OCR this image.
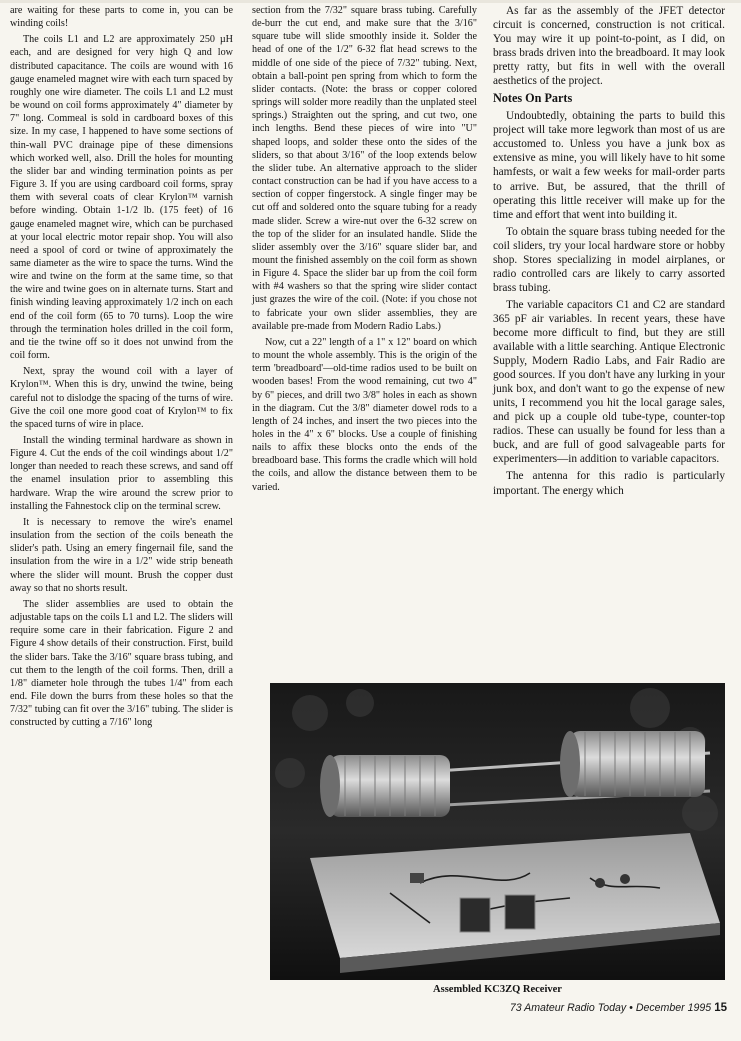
are waiting for these parts to come in, you can be winding coils!

The coils L1 and L2 are approximately 250 µH each, and are designed for very high Q and low distributed capacitance. The coils are wound with 16 gauge enameled magnet wire with each turn spaced by roughly one wire diameter. The coils L1 and L2 must be wound on coil forms approximately 4" diameter by 7" long. Commeal is sold in cardboard boxes of this size. In my case, I happened to have some sections of thin-wall PVC drainage pipe of these dimensions which worked well, also. Drill the holes for mounting the slider bar and winding termination points as per Figure 3. If you are using cardboard coil forms, spray them with several coats of clear Krylon™ varnish before winding. Obtain 1-1/2 lb. (175 feet) of 16 gauge enameled magnet wire, which can be purchased at your local electric motor repair shop. You will also need a spool of cord or twine of approximately the same diameter as the wire to space the turns. Wind the wire and twine on the form at the same time, so that the wire and twine goes on in alternate turns. Start and finish winding leaving approximately 1/2 inch on each end of the coil form (65 to 70 turns). Loop the wire through the termination holes drilled in the coil form, and tie the twine off so it does not unwind from the coil form.

Next, spray the wound coil with a layer of Krylon™. When this is dry, unwind the twine, being careful not to dislodge the spacing of the turns of wire. Give the coil one more good coat of Krylon™ to fix the spaced turns of wire in place.

Install the winding terminal hardware as shown in Figure 4. Cut the ends of the coil windings about 1/2" longer than needed to reach these screws, and sand off the enamel insulation prior to assembling this hardware. Wrap the wire around the screw prior to installing the Fahnestock clip on the terminal screw.

It is necessary to remove the wire's enamel insulation from the section of the coils beneath the slider's path. Using an emery fingernail file, sand the insulation from the wire in a 1/2" wide strip beneath where the slider will mount. Brush the copper dust away so that no shorts result.

The slider assemblies are used to obtain the adjustable taps on the coils L1 and L2. The sliders will require some care in their fabrication. Figure 2 and Figure 4 show details of their construction. First, build the slider bars. Take the 3/16" square brass tubing, and cut them to the length of the coil forms. Then, drill a 1/8" diameter hole through the tubes 1/4" from each end. File down the burrs from these holes so that the 7/32" tubing can fit over the 3/16" tubing. The slider is constructed by cutting a 7/16" long

section from the 7/32" square brass tubing. Carefully de-burr the cut end, and make sure that the 3/16" square tube will slide smoothly inside it. Solder the head of one of the 1/2" 6-32 flat head screws to the middle of one side of the piece of 7/32" tubing. Next, obtain a ball-point pen spring from which to form the slider contacts. (Note: the brass or copper colored springs will solder more readily than the unplated steel springs.) Straighten out the spring, and cut two, one inch lengths. Bend these pieces of wire into "U" shaped loops, and solder these onto the sides of the sliders, so that about 3/16" of the loop extends below the slider tube. An alternative approach to the slider contact construction can be had if you have access to a section of copper fingerstock. A single finger may be cut off and soldered onto the square tubing for a ready made slider. Screw a wire-nut over the 6-32 screw on the top of the slider for an insulated handle. Slide the slider assembly over the 3/16" square slider bar, and mount the finished assembly on the coil form as shown in Figure 4. Space the slider bar up from the coil form with #4 washers so that the spring wire slider contact just grazes the wire of the coil. (Note: if you chose not to fabricate your own slider assemblies, they are available pre-made from Modern Radio Labs.)

Now, cut a 22" length of a 1" x 12" board on which to mount the whole assembly. This is the origin of the term 'breadboard'—old-time radios used to be built on wooden bases! From the wood remaining, cut two 4" by 6" pieces, and drill two 3/8" holes in each as shown in the diagram. Cut the 3/8" diameter dowel rods to a length of 24 inches, and insert the two pieces into the holes in the 4" x 6" blocks. Use a couple of finishing nails to affix these blocks onto the ends of the breadboard base. This forms the cradle which will hold the coils, and allow the distance between them to be varied.

As far as the assembly of the JFET detector circuit is concerned, construction is not critical. You may wire it up point-to-point, as I did, on brass brads driven into the breadboard. It may look pretty ratty, but fits in well with the overall aesthetics of the project.

Notes On Parts

Undoubtedly, obtaining the parts to build this project will take more legwork than most of us are accustomed to. Unless you have a junk box as extensive as mine, you will likely have to hit some hamfests, or wait a few weeks for mail-order parts to arrive. But, be assured, that the thrill of operating this little receiver will make up for the time and effort that went into building it.

To obtain the square brass tubing needed for the coil sliders, try your local hardware store or hobby shop. Stores specializing in model airplanes, or radio controlled cars are likely to carry assorted brass tubing.

The variable capacitors C1 and C2 are standard 365 pF air variables. In recent years, these have become more difficult to find, but they are still available with a little searching. Antique Electronic Supply, Modern Radio Labs, and Fair Radio are good sources. If you don't have any lurking in your junk box, and don't want to go the expense of new units, I recommend you hit the local garage sales, and pick up a couple old tube-type, counter-top radios. These can usually be found for less than a buck, and are full of good salvageable parts for experimenters—in addition to variable capacitors.

The antenna for this radio is particularly important. The energy which

Assembled KC3ZQ Receiver
73 Amateur Radio Today • December 1995 15
